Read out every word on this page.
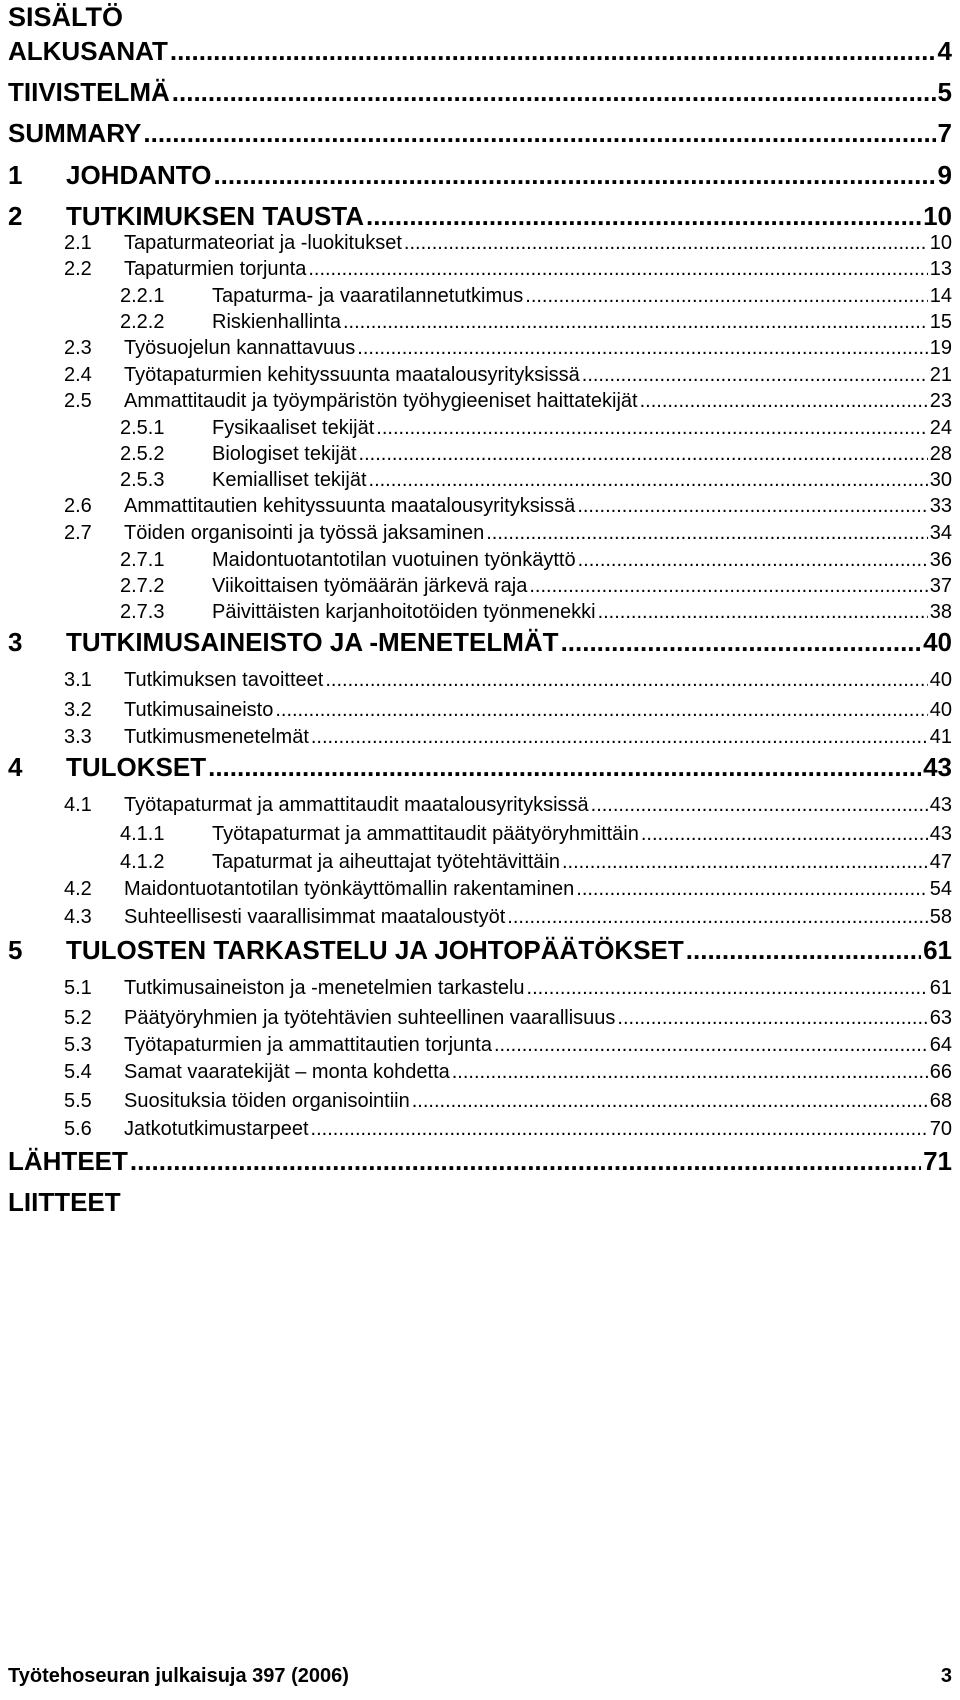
SISÄLTÖ
ALKUSANAT .....	4
TIIVISTELMÄ .....	5
SUMMARY .....	7
1	JOHDANTO .....	9
2	TUTKIMUKSEN TAUSTA .....	10
2.1	Tapaturmateoriat ja -luokitukset .....	10
2.2	Tapaturmien torjunta .....	13
2.2.1	Tapaturma- ja vaaratilannetutkimus .....	14
2.2.2	Riskienhallinta .....	15
2.3	Työsuojelun kannattavuus .....	19
2.4	Työtapaturmien kehityssuunta maatalousyrityksissä .....	21
2.5	Ammattitaudit ja työympäristön työhygieeniset haittatekijät .....	23
2.5.1	Fysikaaliset tekijät .....	24
2.5.2	Biologiset tekijät .....	28
2.5.3	Kemialliset tekijät .....	30
2.6	Ammattitautien kehityssuunta maatalousyrityksissä .....	33
2.7	Töiden organisointi ja työssä jaksaminen .....	34
2.7.1	Maidontuotantotilan vuotuinen työnkäyttö .....	36
2.7.2	Viikoittaisen työmäärän järkevä raja .....	37
2.7.3	Päivittäisten karjanhoitotöiden työnmenekki .....	38
3	TUTKIMUSAINEISTO JA -MENETELMÄT .....	40
3.1	Tutkimuksen tavoitteet .....	40
3.2	Tutkimusaineisto .....	40
3.3	Tutkimusmenetelmät .....	41
4	TULOKSET .....	43
4.1	Työtapaturmat ja ammattitaudit maatalousyrityksissä .....	43
4.1.1	Työtapaturmat ja ammattitaudit päätyöryhmittäin .....	43
4.1.2	Tapaturmat ja aiheuttajat työtehtävittäin .....	47
4.2	Maidontuotantotilan työnkäyttömallin rakentaminen .....	54
4.3	Suhteellisesti vaarallisimmat maataloustyöt .....	58
5	TULOSTEN TARKASTELU JA JOHTOPÄÄTÖKSET .....	61
5.1	Tutkimusaineiston ja -menetelmien tarkastelu .....	61
5.2	Päätyöryhmien ja työtehtävien suhteellinen vaarallisuus .....	63
5.3	Työtapaturmien ja ammattitautien torjunta .....	64
5.4	Samat vaaratekijät – monta kohdetta .....	66
5.5	Suosituksia töiden organisointiin .....	68
5.6	Jatkotutkimustarpeet .....	70
LÄHTEET .....	71
LIITTEET
Työtehoseuran julkaisuja 397 (2006)	3
